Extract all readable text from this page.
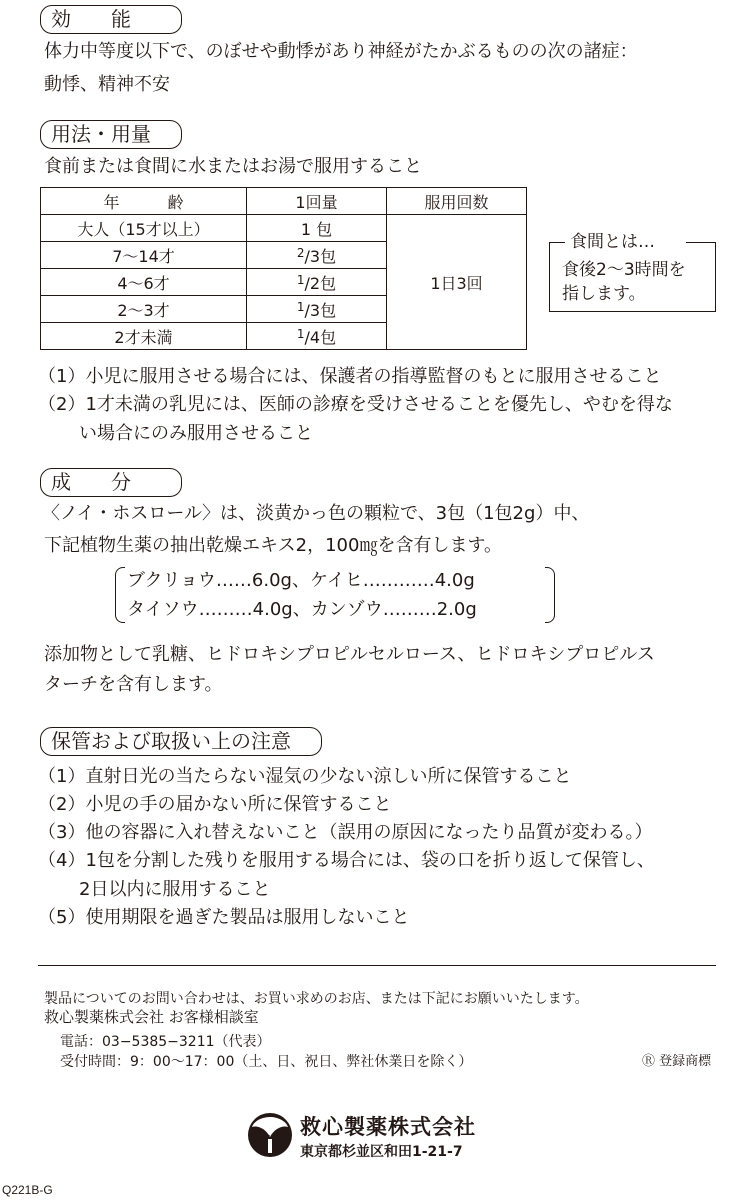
効　　能
体力中等度以下で、のぼせや動悸があり神経がたかぶるものの次の諸症：
動悸、精神不安
用法・用量
食前または食間に水またはお湯で服用すること
年　　　齢	1回量	服用回数
大人（15才以上）	1 包	1日3回
7～14才	$^2$/3包	
4～6才	$^1$/2包	
2～3才	$^1$/3包	
2才未満	$^1$/4包	
食間とは…
食後2～3時間を
指します。
（1）小児に服用させる場合には、保護者の指導監督のもとに服用させること
（2）1才未満の乳児には、医師の診療を受けさせることを優先し、やむを得な
い場合にのみ服用させること
成　　分
〈ノイ・ホスロール〉は、淡黄かっ色の顆粒で、3包（1包2g）中、
下記植物生薬の抽出乾燥エキス2，100㎎を含有します。
ブクリョウ……6.0g、ケイヒ…………4.0g
タイソウ………4.0g、カンゾウ………2.0g
添加物として乳糖、ヒドロキシプロピルセルロース、ヒドロキシプロピルス
ターチを含有します。
保管および取扱い上の注意
（1）直射日光の当たらない湿気の少ない涼しい所に保管すること
（2）小児の手の届かない所に保管すること
（3）他の容器に入れ替えないこと（誤用の原因になったり品質が変わる。）
（4）1包を分割した残りを服用する場合には、袋の口を折り返して保管し、
2日以内に服用すること
（5）使用期限を過ぎた製品は服用しないこと
製品についてのお問い合わせは、お買い求めのお店、または下記にお願いいたします。
救心製薬株式会社 お客様相談室
電話：03−5385−3211（代表）
受付時間：9：00～17：00（土、日、祝日、弊社休業日を除く）	Ⓡ 登録商標
救心製薬株式会社
東京都杉並区和田1-21-7
Q221B-G
